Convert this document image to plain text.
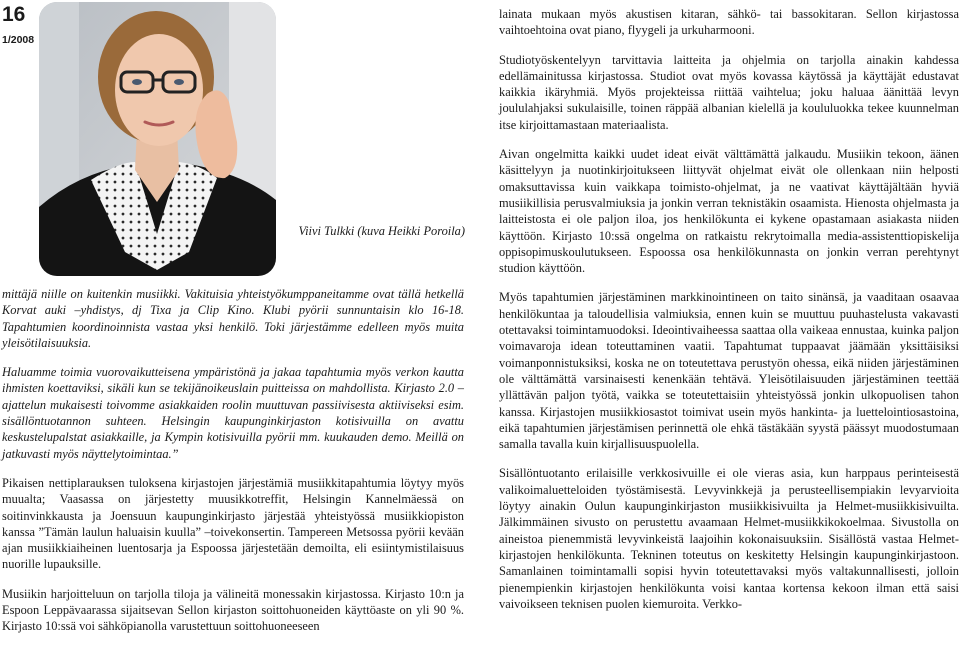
16
1/2008
Viivi Tulkki (kuva Heikki Poroila)

mittäjä niille on kuitenkin musiikki. Vakituisia yhteistyökumppaneitamme ovat tällä hetkellä Korvat auki –yhdistys, dj Tixa ja Clip Kino. Klubi pyörii sunnuntaisin klo 16-18. Tapahtumien koordinoinnista vastaa yksi henkilö. Toki järjestämme edelleen myös muita yleisötilaisuuksia.

Haluamme toimia vuorovaikutteisena ympäristönä ja jakaa tapahtumia myös verkon kautta ihmisten koettaviksi, sikäli kun se tekijänoikeuslain puitteissa on mahdollista. Kirjasto 2.0 –ajattelun mukaisesti toivomme asiakkaiden roolin muuttuvan passiivisesta aktiiviseksi esim. sisällöntuotannon suhteen. Helsingin kaupunginkirjaston kotisivuilla on avattu keskustelupalstat asiakkaille, ja Kympin kotisivuilla pyörii mm. kuukauden demo. Meillä on jatkuvasti myös näyttelytoimintaa.”

Pikaisen nettiplarauksen tuloksena kirjastojen järjestämiä musiikkitapahtumia löytyy myös muualta; Vaasassa on järjestetty muusikkotreffit, Helsingin Kannelmäessä on soitinvinkkausta ja Joensuun kaupunginkirjasto järjestää yhteistyössä musiikkiopiston kanssa ”Tämän laulun haluaisin kuulla” –toivekonsertin. Tampereen Metsossa pyörii kevään ajan musiikkiaiheinen luentosarja ja Espoossa järjestetään demoilta, eli esiintymistilaisuus nuorille lupauksille.

Musiikin harjoitteluun on tarjolla tiloja ja välineitä monessakin kirjastossa. Kirjasto 10:n ja Espoon Leppävaarassa sijaitsevan Sellon kirjaston soittohuoneiden käyttöaste on yli 90 %. Kirjasto 10:ssä voi sähköpianolla varustettuun soittohuoneeseen

lainata mukaan myös akustisen kitaran, sähkö- tai bassokitaran. Sellon kirjastossa vaihtoehtoina ovat piano, flyygeli ja urkuharmooni.

Studiotyöskentelyyn tarvittavia laitteita ja ohjelmia on tarjolla ainakin kahdessa edellämainitussa kirjastossa. Studiot ovat myös kovassa käytössä ja käyttäjät edustavat kaikkia ikäryhmiä. Myös projekteissa riittää vaihtelua; joku haluaa äänittää levyn joululahjaksi sukulaisille, toinen räppää albanian kielellä ja koululuokka tekee kuunnelman itse kirjoittamastaan materiaalista.

Aivan ongelmitta kaikki uudet ideat eivät välttämättä jalkaudu. Musiikin tekoon, äänen käsittelyyn ja nuotinkirjoitukseen liittyvät ohjelmat eivät ole ollenkaan niin helposti omaksuttavissa kuin vaikkapa toimisto-ohjelmat, ja ne vaativat käyttäjältään hyviä musiikillisia perusvalmiuksia ja jonkin verran teknistäkin osaamista. Hienosta ohjelmasta ja laitteistosta ei ole paljon iloa, jos henkilökunta ei kykene opastamaan asiakasta niiden käyttöön. Kirjasto 10:ssä ongelma on ratkaistu rekrytoimalla media-assistenttiopiskelija oppisopimuskoulutukseen. Espoossa osa henkilökunnasta on jonkin verran perehtynyt studion käyttöön.

Myös tapahtumien järjestäminen markkinointineen on taito sinänsä, ja vaaditaan osaavaa henkilökuntaa ja taloudellisia valmiuksia, ennen kuin se muuttuu puuhastelusta vakavasti otettavaksi toimintamuodoksi. Ideointivaiheessa saattaa olla vaikeaa ennustaa, kuinka paljon voimavaroja idean toteuttaminen vaatii. Tapahtumat tuppaavat jäämään yksittäisiksi voimanponnistuksiksi, koska ne on toteutettava perustyön ohessa, eikä niiden järjestäminen ole välttämättä varsinaisesti kenenkään tehtävä. Yleisötilaisuuden järjestäminen teettää yllättävän paljon työtä, vaikka se toteutettaisiin yhteistyössä jonkin ulkopuolisen tahon kanssa. Kirjastojen musiikkiosastot toimivat usein myös hankinta- ja luettelointiosastoina, eikä tapahtumien järjestämisen perinnettä ole ehkä tästäkään syystä päässyt muodostumaan samalla tavalla kuin kirjallisuuspuolella.

Sisällöntuotanto erilaisille verkkosivuille ei ole vieras asia, kun harppaus perinteisestä valikoimaluetteloiden työstämisestä. Levyvinkkejä ja perusteellisempiakin levyarvioita löytyy ainakin Oulun kaupunginkirjaston musiikkisivuilta ja Helmet-musiikkisivuilta. Jälkimmäinen sivusto on perustettu avaamaan Helmet-musiikkikokoelmaa. Sivustolla on aineistoa pienemmistä levyvinkeistä laajoihin kokonaisuuksiin. Sisällöstä vastaa Helmet-kirjastojen henkilökunta. Tekninen toteutus on keskitetty Helsingin kaupunginkirjastoon. Samanlainen toimintamalli sopisi hyvin toteutettavaksi myös valtakunnallisesti, jolloin pienempienkin kirjastojen henkilökunta voisi kantaa kortensa kekoon ilman että saisi vaivoikseen teknisen puolen kiemuroita. Verkko-
